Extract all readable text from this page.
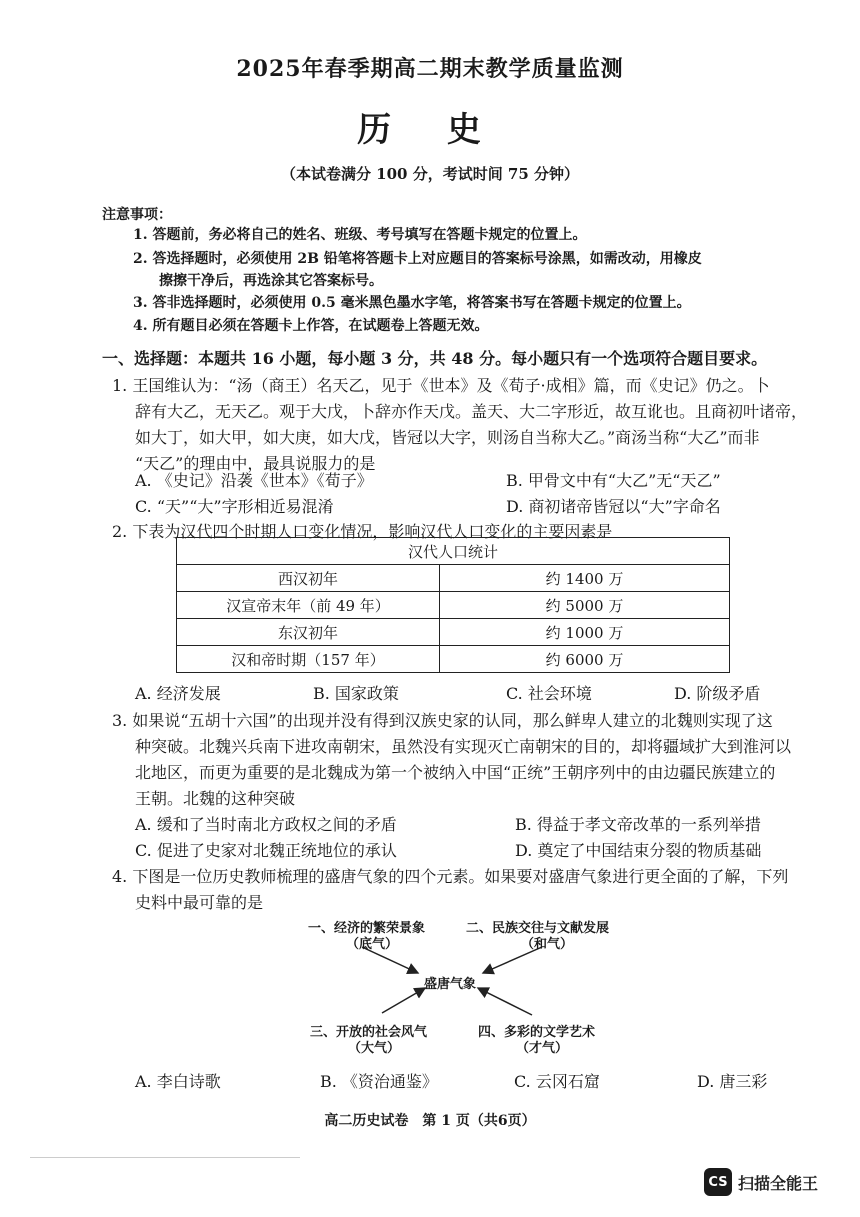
2025年春季期高二期末教学质量监测
历 史
（本试卷满分 100 分，考试时间 75 分钟）
注意事项：
1. 答题前，务必将自己的姓名、班级、考号填写在答题卡规定的位置上。
2. 答选择题时，必须使用 2B 铅笔将答题卡上对应题目的答案标号涂黑，如需改动，用橡皮
擦擦干净后，再选涂其它答案标号。
3. 答非选择题时，必须使用 0.5 毫米黑色墨水字笔，将答案书写在答题卡规定的位置上。
4. 所有题目必须在答题卡上作答，在试题卷上答题无效。
一、选择题：本题共 16 小题，每小题 3 分，共 48 分。每小题只有一个选项符合题目要求。
1. 王国维认为：“汤（商王）名天乙，见于《世本》及《荀子·成相》篇，而《史记》仍之。卜
辞有大乙，无天乙。观于大戊，卜辞亦作天戊。盖天、大二字形近，故互讹也。且商初叶诸帝，
如大丁，如大甲，如大庚，如大戊，皆冠以大字，则汤自当称大乙。”商汤当称“大乙”而非
“天乙”的理由中，最具说服力的是
A. 《史记》沿袭《世本》《荀子》	B. 甲骨文中有“大乙”无“天乙”
C. “天”“大”字形相近易混淆	D. 商初诸帝皆冠以“大”字命名
2. 下表为汉代四个时期人口变化情况，影响汉代人口变化的主要因素是
汉代人口统计	
西汉初年	约 1400 万
汉宣帝末年（前 49 年）	约 5000 万
东汉初年	约 1000 万
汉和帝时期（157 年）	约 6000 万
A. 经济发展	B. 国家政策	C. 社会环境	D. 阶级矛盾
3. 如果说“五胡十六国”的出现并没有得到汉族史家的认同，那么鲜卑人建立的北魏则实现了这
种突破。北魏兴兵南下进攻南朝宋，虽然没有实现灭亡南朝宋的目的，却将疆域扩大到淮河以
北地区，而更为重要的是北魏成为第一个被纳入中国“正统”王朝序列中的由边疆民族建立的
王朝。北魏的这种突破
A. 缓和了当时南北方政权之间的矛盾	B. 得益于孝文帝改革的一系列举措
C. 促进了史家对北魏正统地位的承认	D. 奠定了中国结束分裂的物质基础
4. 下图是一位历史教师梳理的盛唐气象的四个元素。如果要对盛唐气象进行更全面的了解，下列
史料中最可靠的是
一、经济的繁荣景象
（底气）
二、民族交往与文献发展
（和气）
盛唐气象
三、开放的社会风气
（大气）
四、多彩的文学艺术
（才气）
A. 李白诗歌	B. 《资治通鉴》	C. 云冈石窟	D. 唐三彩
高二历史试卷　第 1 页（共6页）
CS 扫描全能王
